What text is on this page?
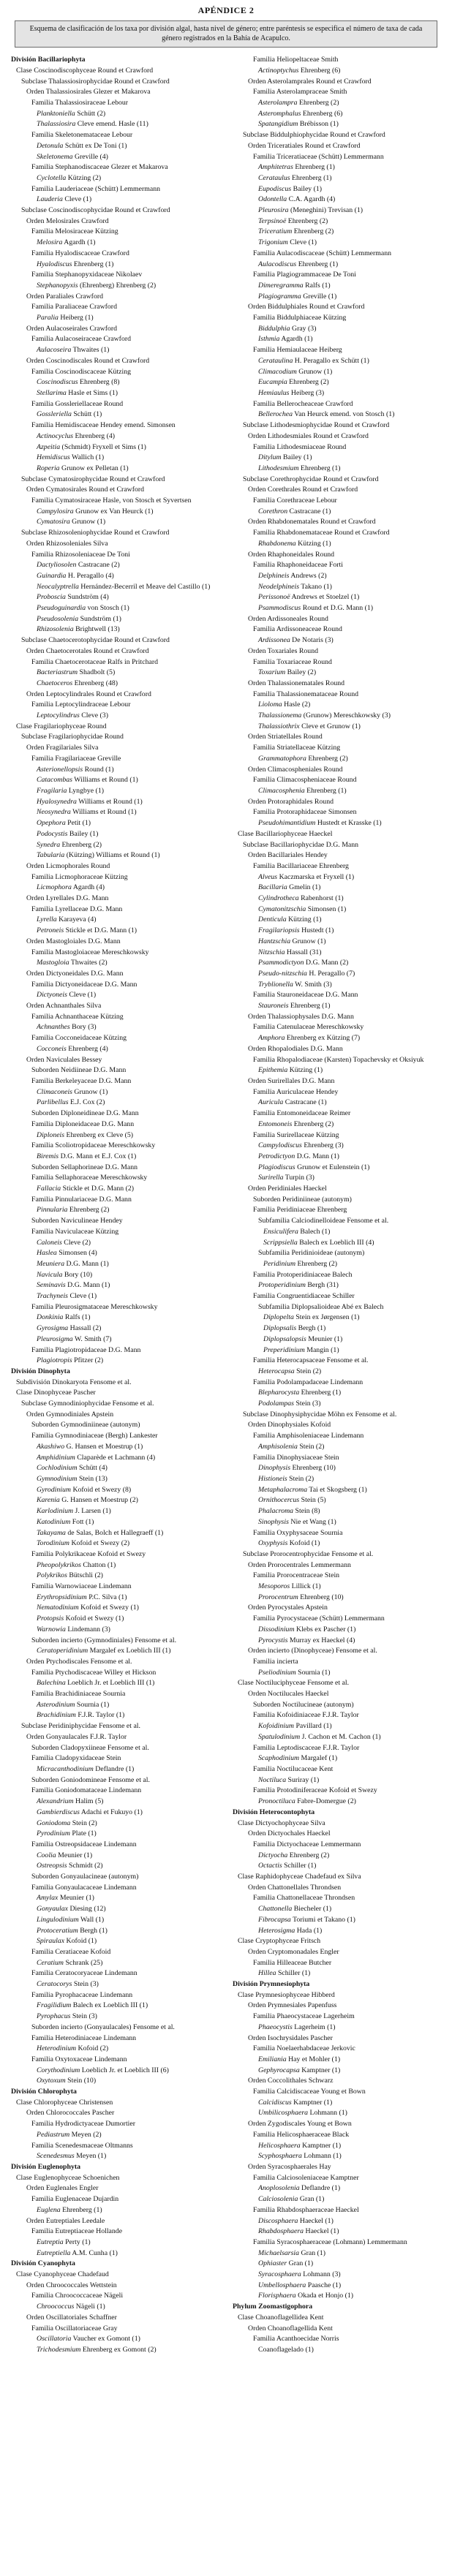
APÉNDICE 2
Esquema de clasificación de los taxa por división algal, hasta nivel de género; entre paréntesis se especifica el número de taxa de cada género registrados en la Bahía de Acapulco.
División Bacillariophyta
Clase Coscinodiscophyceae Round et Crawford
Subclase Thalassiosirophycidae Round et Crawford
Orden Thalassiosirales Glezer et Makarova
Familia Thalassiosiraceae Lebour
Planktoniella Schütt (2)
Thalassiosira Cleve emend. Hasle (11)
Familia Skeletonemataceae Lebour
Detonula Schütt ex De Toni (1)
Skeletonema Greville (4)
Familia Stephanodiscaceae Glezer et Makarova
Cyclotella Kützing (2)
Familia Lauderiaceae (Schütt) Lemmermann
Lauderia Cleve (1)
Subclase Coscinodiscophycidae Round et Crawford
Orden Melosirales Crawford
Familia Melosiraceae Kützing
Melosira Agardh (1)
Familia Hyalodiscaceae Crawford
Hyalodiscus Ehrenberg (1)
Familia Stephanopyxidaceae Nikolaev
Stephanopyxis (Ehrenberg) Ehrenberg (2)
Orden Paraliales Crawford
Familia Paraliaceae Crawford
Paralia Heiberg (1)
Orden Aulacoseirales Crawford
Familia Aulacoseiraceae Crawford
Aulacoseira Thwaites (1)
Orden Coscinodiscales Round et Crawford
Familia Coscinodiscaceae Kützing
Coscinodiscus Ehrenberg (8)
Stellarima Hasle et Sims (1)
Familia Gossleriellaceae Round
Gossleriella Schütt (1)
Familia Hemidiscaceae Hendey emend. Simonsen
Actinocyclus Ehrenberg (4)
Azpeitia (Schmidt) Fryxell et Sims (1)
Hemidiscus Wallich (1)
Roperia Grunow ex Pelletan (1)
Subclase Cymatosirophycidae Round et Crawford
Orden Cymatosirales Round et Crawford
Familia Cymatosiraceae Hasle, von Stosch et Syvertsen
Campylosira Grunow ex Van Heurck (1)
Cymatosira Grunow (1)
Subclase Rhizosoleniophycidae Round et Crawford
Orden Rhizosoleniales Silva
Familia Rhizosoleniaceae De Toni
Dactyliosolen Castracane (2)
Guinardia H. Peragallo (4)
Neocalyptrella Hernández-Becerril et Meave del Castillo (1)
Proboscia Sundström (4)
Pseudoguinardia von Stosch (1)
Pseudosolenia Sundström (1)
Rhizosolenia Brightwell (13)
Subclase Chaetocerotophycidae Round et Crawford
Orden Chaetocerotales Round et Crawford
Familia Chaetocerotaceae Ralfs in Pritchard
Bacteriastrum Shadbolt (5)
Chaetoceros Ehrenberg (48)
Orden Leptocylindrales Round et Crawford
Familia Leptocylindraceae Lebour
Leptocylindrus Cleve (3)
Clase Fragilariophyceae Round
Subclase Fragilariophycidae Round
Orden Fragilariales Silva
Familia Fragilariaceae Greville
Asterionellopsis Round (1)
Catacombas Williams et Round (1)
Fragilaria Lyngbye (1)
Hyalosynedra Williams et Round (1)
Neosynedra Williams et Round (1)
Opephora Petit (1)
Podocystis Bailey (1)
Synedra Ehrenberg (2)
Tabularia (Kützing) Williams et Round (1)
Orden Licmophorales Round
Familia Licmophoraceae Kützing
Licmophora Agardh (4)
Orden Lyrellales D.G. Mann
Familia Lyrellaceae D.G. Mann
Lyrella Karayeva (4)
Petroneis Stickle et D.G. Mann (1)
Orden Mastogloiales D.G. Mann
Familia Mastogloiaceae Mereschkowsky
Mastogloia Thwaites (2)
Orden Dictyoneidales D.G. Mann
Familia Dictyoneidaceae D.G. Mann
Dictyoneis Cleve (1)
Orden Achnanthales Silva
Familia Achnanthaceae Kützing
Achnanthes Bory (3)
Familia Cocconeidaceae Kützing
Cocconeis Ehrenberg (4)
Orden Naviculales Bessey
Suborden Neidiineae D.G. Mann
Familia Berkeleyaceae D.G. Mann
Climaconeis Grunow (1)
Parlibellus E.J. Cox (2)
Suborden Diploneidineae D.G. Mann
Familia Diploneidaceae D.G. Mann
Diploneis Ehrenberg ex Cleve (5)
Familia Scoliotropidaceae Mereschkowsky
Biremis D.G. Mann et E.J. Cox (1)
Suborden Sellaphorineae D.G. Mann
Familia Sellaphoraceae Mereschkowsky
Fallacia Stickle et D.G. Mann (2)
Familia Pinnulariaceae D.G. Mann
Pinnularia Ehrenberg (2)
Suborden Naviculineae Hendey
Familia Naviculaceae Kützing
Caloneis Cleve (2)
Haslea Simonsen (4)
Meuniera D.G. Mann (1)
Navicula Bory (10)
Seminavis D.G. Mann (1)
Trachyneis Cleve (1)
Familia Pleurosigmataceae Mereschkowsky
Donkinia Ralfs (1)
Gyrosigma Hassall (2)
Pleurosigma W. Smith (7)
Familia Plagiotropidaceae D.G. Mann
Plagiotropis Pfitzer (2)
División Dinophyta
Subdivisión Dinokaryota Fensome et al.
Clase Dinophyceae Pascher
Subclase Gymnodiniophycidae Fensome et al.
Orden Gymnodiniales Apstein
Suborden Gymnodiniineae (autonym)
Familia Gymnodiniaceae (Bergh) Lankester
Akashiwo G. Hansen et Moestrup (1)
Amphidinium Claparède et Lachmann (4)
Cochlodinium Schütt (4)
Gymnodinium Stein (13)
Gyrodinium Kofoid et Swezy (8)
Karenia G. Hansen et Moestrup (2)
Karlodinium J. Larsen (1)
Katodinium Fott (1)
Takayama de Salas, Bolch et Hallegraeff (1)
Torodinium Kofoid et Swezy (2)
Familia Polykrikaceae Kofoid et Swezy
Pheopolykrikos Chatton (1)
Polykrikos Bütschli (2)
Familia Warnowiaceae Lindemann
Erythropsidinium P.C. Silva (1)
Nematodinium Kofoid et Swezy (1)
Protopsis Kofoid et Swezy (1)
Warnowia Lindemann (3)
Suborden incierto (Gymnodiniales) Fensome et al.
Ceratoperidinium Margalef ex Loeblich III (1)
Orden Ptychodiscales Fensome et al.
Familia Ptychodiscaceae Willey et Hickson
Balechina Loeblich Jr. et Loeblich III (1)
Familia Brachidiniaceae Sournia
Asterodinium Sournia (1)
Brachidinium F.J.R. Taylor (1)
Subclase Peridiniphycidae Fensome et al.
Orden Gonyaulacales F.J.R. Taylor
Suborden Cladopyxiineae Fensome et al.
Familia Cladopyxidaceae Stein
Micracanthodinium Deflandre (1)
Suborden Goniodomineae Fensome et al.
Familia Goniodomataceae Lindemann
Alexandrium Halim (5)
Gambierdiscus Adachi et Fukuyo (1)
Goniodoma Stein (2)
Pyrodinium Plate (1)
Familia Ostreopsidaceae Lindemann
Coolia Meunier (1)
Ostreopsis Schmidt (2)
Suborden Gonyaulacineae (autonym)
Familia Gonyaulacaceae Lindemann
Amylax Meunier (1)
Gonyaulax Diesing (12)
Lingulodinium Wall (1)
Protoceratium Bergh (1)
Spiraulax Kofoid (1)
Familia Ceratiaceae Kofoid
Ceratium Schrank (25)
Familia Ceratocoryaceae Lindemann
Ceratocorys Stein (3)
Familia Pyrophacaceae Lindemann
Fragilidium Balech ex Loeblich III (1)
Pyrophacus Stein (3)
Suborden incierto (Gonyaulacales) Fensome et al.
Familia Heterodiniaceae Lindemann
Heterodinium Kofoid (2)
Familia Oxytoxaceae Lindemann
Corythodinium Loeblich Jr. et Loeblich III (6)
Oxytoxum Stein (10)
División Chlorophyta
Clase Chlorophyceae Christensen
Orden Chlorococcales Pascher
Familia Hydrodictyaceae Dumortier
Pediastrum Meyen (2)
Familia Scenedesmaceae Oltmanns
Scenedesmus Meyen (1)
División Euglenophyta
Clase Euglenophyceae Schoenichen
Orden Euglenales Engler
Familia Euglenaceae Dujardin
Euglena Ehrenberg (1)
Orden Eutreptiales Leedale
Familia Eutreptiaceae Hollande
Eutreptia Perty (1)
Eutreptiella A.M. Cunha (1)
División Cyanophyta
Clase Cyanophyceae Chadefaud
Orden Chroococcales Wettstein
Familia Chroococcaceae Nägeli
Chroococcus Nägeli (1)
Orden Oscillatoriales Schaffner
Familia Oscillatoriaceae Gray
Oscillatoria Vaucher ex Gomont (1)
Trichodesmium Ehrenberg ex Gomont (2)
Familia Heliopeltaceae Smith
Actinoptychus Ehrenberg (6)
Orden Asterolamprales Round et Crawford
Familia Asterolampraceae Smith
Asterolampra Ehrenberg (2)
Asteromphalus Ehrenberg (6)
Spatangidium Brébisson (1)
Subclase Biddulphiophycidae Round et Crawford
Orden Triceratiales Round et Crawford
Familia Triceratiaceae (Schütt) Lemmermann
Amphitetras Ehrenberg (1)
Cerataulus Ehrenberg (1)
Eupodiscus Bailey (1)
Odontella C.A. Agardh (4)
Pleurosira (Meneghini) Trevisan (1)
Terpsinoë Ehrenberg (2)
Triceratium Ehrenberg (2)
Trigonium Cleve (1)
Familia Aulacodiscaceae (Schütt) Lemmermann
Aulacodiscus Ehrenberg (1)
Familia Plagiogrammaceae De Toni
Dimeregramma Ralfs (1)
Plagiogramma Greville (1)
Orden Biddulphiales Round et Crawford
Familia Biddulphiaceae Kützing
Biddulphia Gray (3)
Isthmia Agardh (1)
Familia Hemiaulaceae Heiberg
Cerataulina H. Peragallo ex Schütt (1)
Climacodium Grunow (1)
Eucampia Ehrenberg (2)
Hemiaulus Heiberg (3)
Familia Bellerocheaceae Crawford
Bellerochea Van Heurck emend. von Stosch (1)
Subclase Lithodesmiophycidae Round et Crawford
Orden Lithodesmiales Round et Crawford
Familia Lithodesmiaceae Round
Ditylum Bailey (1)
Lithodesmium Ehrenberg (1)
Subclase Corethrophycidae Round et Crawford
Orden Corethrales Round et Crawford
Familia Corethraceae Lebour
Corethron Castracane (1)
Orden Rhabdonematales Round et Crawford
Familia Rhabdonemataceae Round et Crawford
Rhabdonema Kützing (1)
Orden Rhaphoneidales Round
Familia Rhaphoneidaceae Forti
Delphineis Andrews (2)
Neodelphineis Takano (1)
Perissonoë Andrews et Stoelzel (1)
Psammodiscus Round et D.G. Mann (1)
Orden Ardissoneales Round
Familia Ardissoneaceae Round
Ardissonea De Notaris (3)
Orden Toxariales Round
Familia Toxariaceae Round
Toxarium Bailey (2)
Orden Thalassionematales Round
Familia Thalassionemataceae Round
Lioloma Hasle (2)
Thalassionema (Grunow) Mereschkowsky (3)
Thalassiothrix Cleve et Grunow (1)
Orden Striatellales Round
Familia Striatellaceae Kützing
Grammatophora Ehrenberg (2)
Orden Climacospheniales Round
Familia Climacospheniaceae Round
Climacosphenia Ehrenberg (1)
Orden Protoraphidales Round
Familia Protoraphidaceae Simonsen
Pseudohimantidium Hustedt et Krasske (1)
Clase Bacillariophyceae Haeckel
Subclase Bacillariophycidae D.G. Mann
Orden Bacillariales Hendey
Familia Bacillariaceae Ehrenberg
Alveus Kaczmarska et Fryxell (1)
Bacillaria Gmelin (1)
Cylindrotheca Rabenhorst (1)
Cymatonitzschia Simonsen (1)
Denticula Kützing (1)
Fragilariopsis Hustedt (1)
Hantzschia Grunow (1)
Nitzschia Hassall (31)
Psammodictyon D.G. Mann (2)
Pseudo-nitzschia H. Peragallo (7)
Tryblionella W. Smith (3)
Familia Stauroneidaceae D.G. Mann
Stauroneis Ehrenberg (1)
Orden Thalassiophysales D.G. Mann
Familia Catenulaceae Mereschkowsky
Amphora Ehrenberg ex Kützing (7)
Orden Rhopalodiales D.G. Mann
Familia Rhopalodiaceae (Karsten) Topachevsky et Oksiyuk
Epithemia Kützing (1)
Orden Surirellales D.G. Mann
Familia Auriculaceae Hendey
Auricula Castracane (1)
Familia Entomoneidaceae Reimer
Entomoneis Ehrenberg (2)
Familia Surirellaceae Kützing
Campylodiscus Ehrenberg (3)
Petrodictyon D.G. Mann (1)
Plagiodiscus Grunow et Eulenstein (1)
Surirella Turpin (3)
Orden Peridiniales Haeckel
Suborden Peridiniineae (autonym)
Familia Peridiniaceae Ehrenberg
Subfamilia Calciodinelloideae Fensome et al.
Ensiculifera Balech (1)
Scrippsiella Balech ex Loeblich III (4)
Subfamilia Peridinioideae (autonym)
Peridinium Ehrenberg (2)
Familia Protoperidiniaceae Balech
Protoperidinium Bergh (31)
Familia Congruentidiaceae Schiller
Subfamilia Diplopsalioideae Abé ex Balech
Diplopelta Stein ex Jørgensen (1)
Diplopsalis Bergh (1)
Diplopsalopsis Meunier (1)
Preperidinium Mangin (1)
Familia Heterocapsaceae Fensome et al.
Heterocapsa Stein (2)
Familia Podolampadaceae Lindemann
Blepharocysta Ehrenberg (1)
Podolampas Stein (3)
Subclase Dinophysiphycidae Möhn ex Fensome et al.
Orden Dinophysiales Kofoid
Familia Amphisoleniaceae Lindemann
Amphisolenia Stein (2)
Familia Dinophysiaceae Stein
Dinophysis Ehrenberg (10)
Histioneis Stein (2)
Metaphalacroma Tai et Skogsberg (1)
Ornithocercus Stein (5)
Phalacroma Stein (8)
Sinophysis Nie et Wang (1)
Familia Oxyphysaceae Sournia
Oxyphysis Kofoid (1)
Subclase Prorocentrophycidae Fensome et al.
Orden Prorocentrales Lemmermann
Familia Prorocentraceae Stein
Mesoporos Lillick (1)
Prorocentrum Ehrenberg (10)
Orden Pyrocystales Apstein
Familia Pyrocystaceae (Schütt) Lemmermann
Dissodinium Klebs ex Pascher (1)
Pyrocystis Murray ex Haeckel (4)
Orden incierto (Dinophyceae) Fensome et al.
Familia incierta
Pseliodinium Sournia (1)
Clase Noctiluciphyceae Fensome et al.
Orden Noctilucales Haeckel
Suborden Noctilucineae (autonym)
Familia Kofoidiniaceae F.J.R. Taylor
Kofoidinium Pavillard (1)
Spatulodinium J. Cachon et M. Cachon (1)
Familia Leptodiscaceae F.J.R. Taylor
Scaphodinium Margalef (1)
Familia Noctilucaceae Kent
Noctiluca Suriray (1)
Familia Protodiniferaceae Kofoid et Swezy
Pronoctiluca Fabre-Domergue (2)
División Heterocontophyta
Clase Dictyochophyceae Silva
Orden Dictyochales Haeckel
Familia Dictyochaceae Lemmermann
Dictyocha Ehrenberg (2)
Octactis Schiller (1)
Clase Raphidophyceae Chadefaud ex Silva
Orden Chattonellales Throndsen
Familia Chattonellaceae Throndsen
Chattonella Biecheler (1)
Fibrocapsa Toriumi et Takano (1)
Heterosigma Hada (1)
Clase Cryptophyceae Fritsch
Orden Cryptomonadales Engler
Familia Hilleaceae Butcher
Hillea Schiller (1)
División Prymnesiophyta
Clase Prymnesiophyceae Hibberd
Orden Prymnesiales Papenfuss
Familia Phaeocystaceae Lagerheim
Phaeocystis Lagerheim (1)
Orden Isochrysidales Pascher
Familia Noelaerhabdaceae Jerkovic
Emiliania Hay et Mohler (1)
Gephyrocapsa Kamptner (1)
Orden Coccolithales Schwarz
Familia Calcidiscaceae Young et Bown
Calcidiscus Kamptner (1)
Umbilicosphaera Lohmann (1)
Orden Zygodiscales Young et Bown
Familia Helicosphaeraceae Black
Helicosphaera Kamptner (1)
Scyphosphaera Lohmann (1)
Orden Syracosphaerales Hay
Familia Calciosoleniaceae Kamptner
Anoplosolenia Deflandre (1)
Calciosolenia Gran (1)
Familia Rhabdosphaeraceae Haeckel
Discosphaera Haeckel (1)
Rhabdosphaera Haeckel (1)
Familia Syracosphaeraceae (Lohmann) Lemmermann
Michaelsarsia Gran (1)
Ophiaster Gran (1)
Syracosphaera Lohmann (3)
Umbellosphaera Paasche (1)
Florisphaera Okada et Honjo (1)
Phylum Zoomastigophora
Clase Choanoflagellidea Kent
Orden Choanoflagellida Kent
Familia Acanthoecidae Norris
Coanoflagelado (1)
